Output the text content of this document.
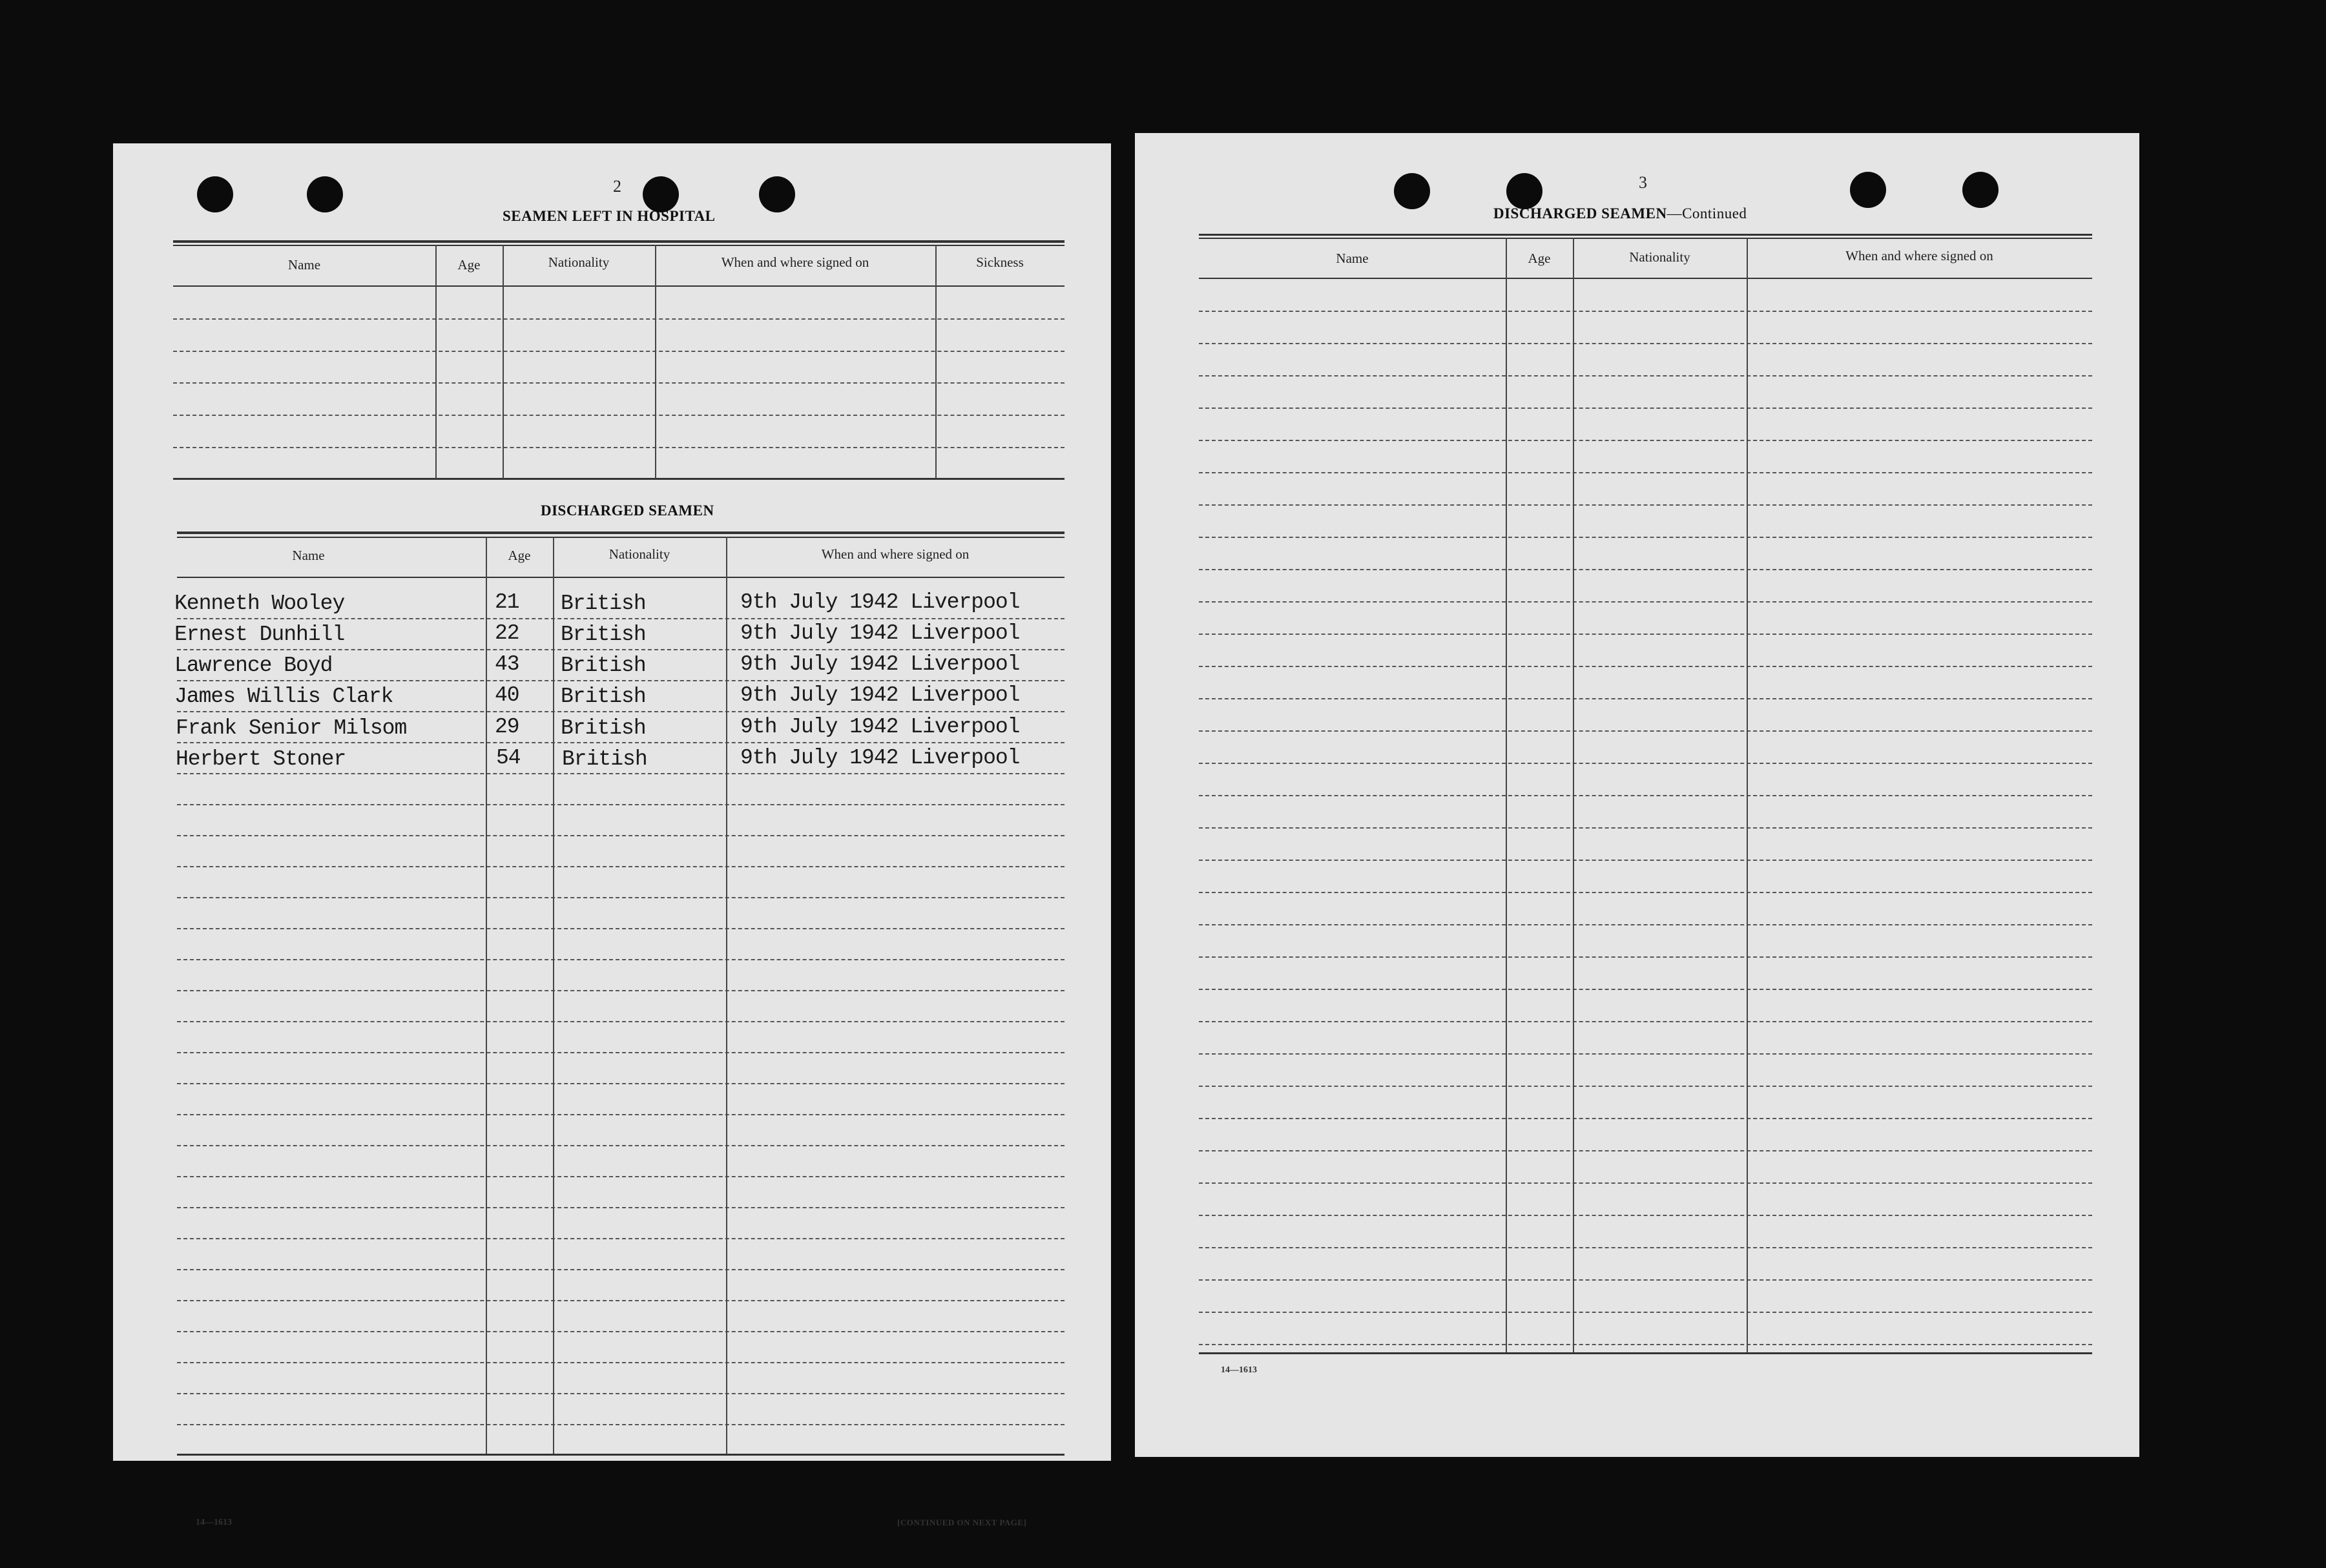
2
SEAMEN LEFT IN HOSPITAL
Name	Age	Nationality	When and where signed on	Sickness
DISCHARGED SEAMEN
Name	Age	Nationality	When and where signed on
Kenneth Wooley	21 British	9th July 1942 Liverpool
Ernest Dunhill	22 British	9th July 1942 Liverpool
Lawrence Boyd	43 British	9th July 1942 Liverpool
James Willis Clark	40 British	9th July 1942 Liverpool
Frank Senior Milsom	29 British	9th July 1942 Liverpool
Herbert Stoner	54 British	9th July 1942 Liverpool
14—1613	[CONTINUED ON NEXT PAGE]
3
DISCHARGED SEAMEN—Continued
Name	Age	Nationality	When and where signed on
14—1613
